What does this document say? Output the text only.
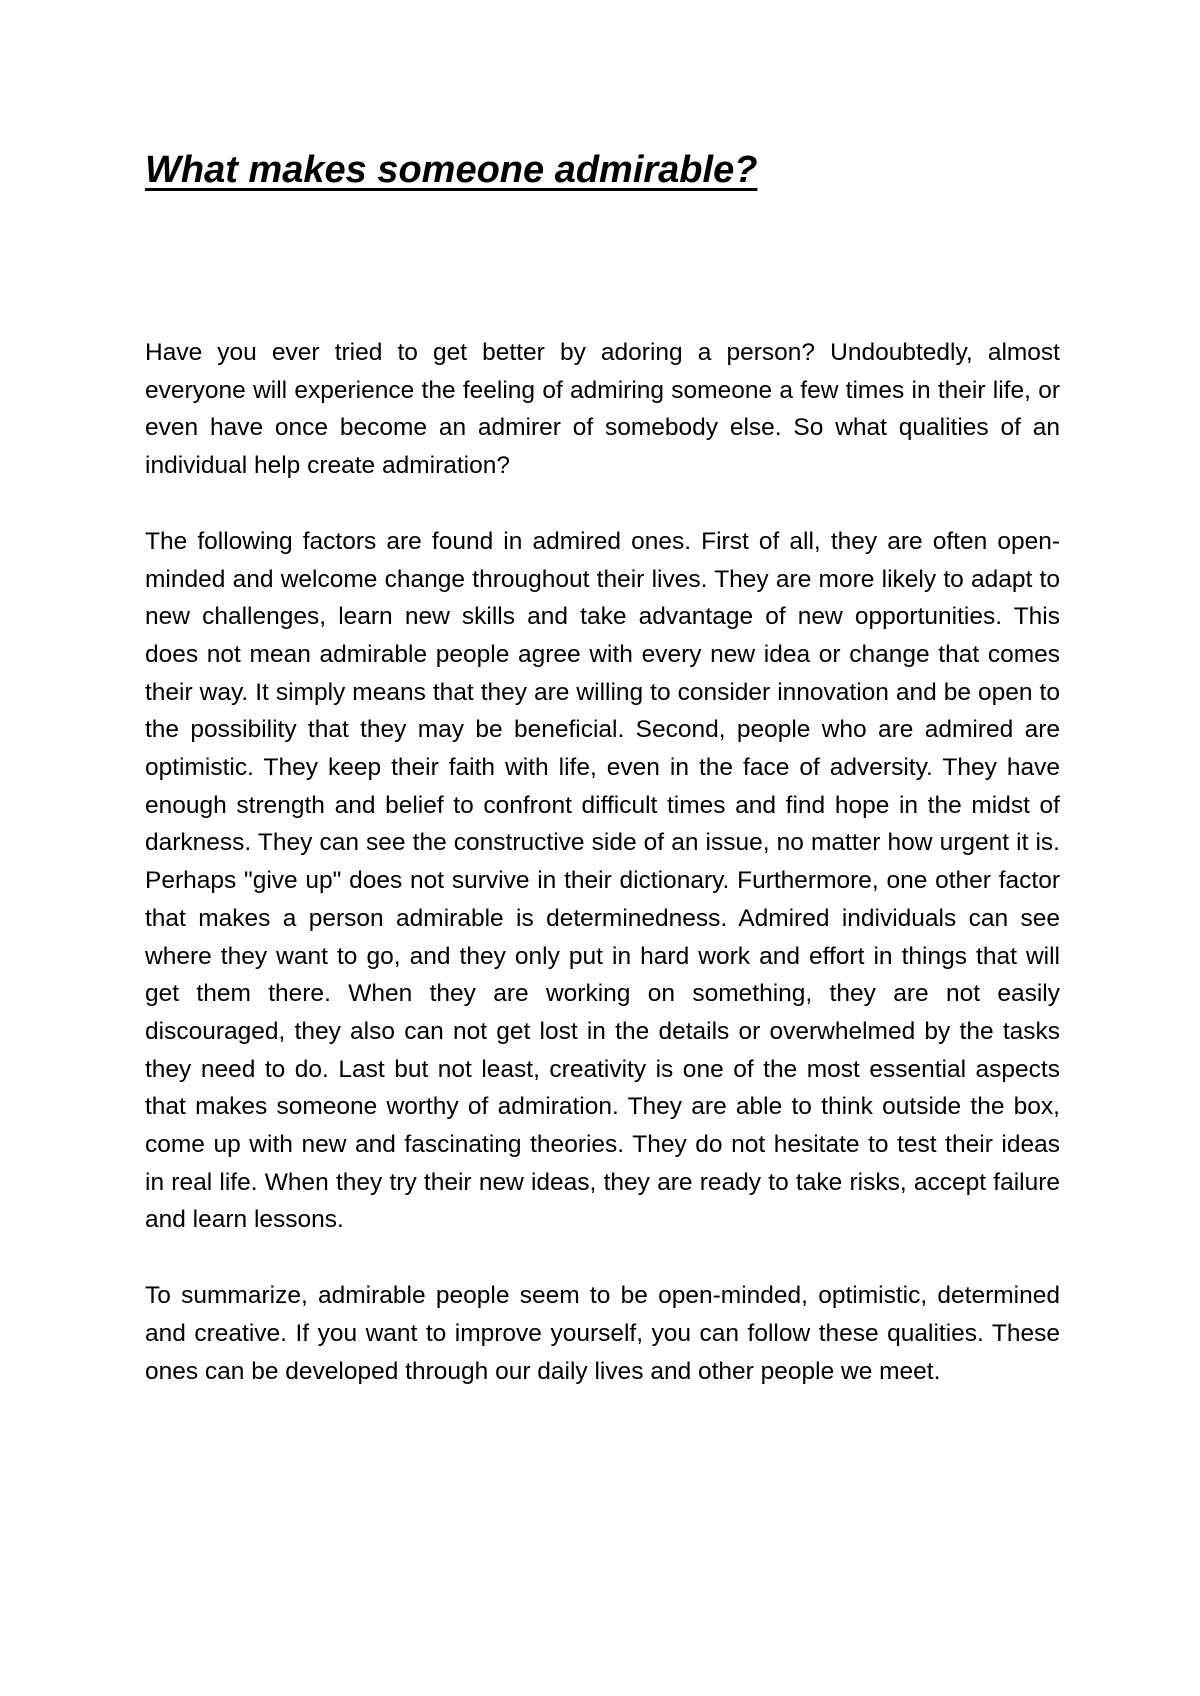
What makes someone admirable?

Have you ever tried to get better by adoring a person? Undoubtedly, almost everyone will experience the feeling of admiring someone a few times in their life, or even have once become an admirer of somebody else. So what qualities of an individual help create admiration?

The following factors are found in admired ones. First of all, they are often open-minded and welcome change throughout their lives. They are more likely to adapt to new challenges, learn new skills and take advantage of new opportunities. This does not mean admirable people agree with every new idea or change that comes their way. It simply means that they are willing to consider innovation and be open to the possibility that they may be beneficial. Second, people who are admired are optimistic. They keep their faith with life, even in the face of adversity. They have enough strength and belief to confront difficult times and find hope in the midst of darkness. They can see the constructive side of an issue, no matter how urgent it is. Perhaps "give up" does not survive in their dictionary. Furthermore, one other factor that makes a person admirable is determinedness. Admired individuals can see where they want to go, and they only put in hard work and effort in things that will get them there. When they are working on something, they are not easily discouraged, they also can not get lost in the details or overwhelmed by the tasks they need to do. Last but not least, creativity is one of the most essential aspects that makes someone worthy of admiration. They are able to think outside the box, come up with new and fascinating theories. They do not hesitate to test their ideas in real life. When they try their new ideas, they are ready to take risks, accept failure and learn lessons.

To summarize, admirable people seem to be open-minded, optimistic, determined and creative. If you want to improve yourself, you can follow these qualities. These ones can be developed through our daily lives and other people we meet.
